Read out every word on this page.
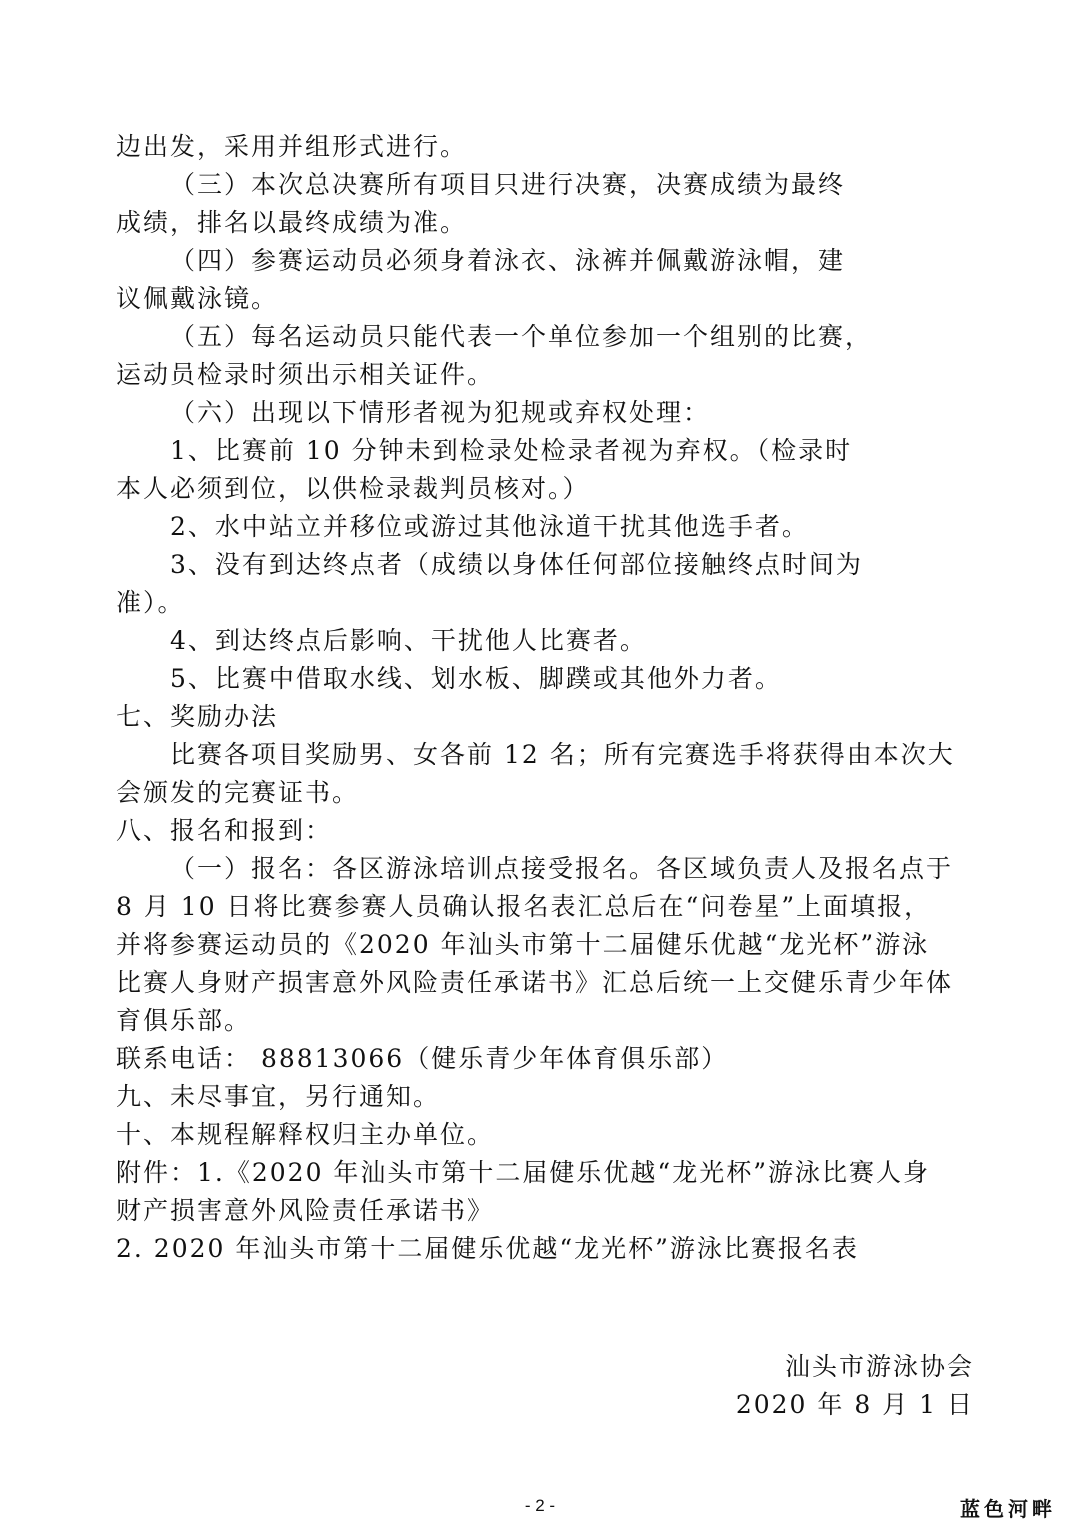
边出发，采用并组形式进行。
（三）本次总决赛所有项目只进行决赛，决赛成绩为最终
成绩，排名以最终成绩为准。
（四）参赛运动员必须身着泳衣、泳裤并佩戴游泳帽，建
议佩戴泳镜。
（五）每名运动员只能代表一个单位参加一个组别的比赛，
运动员检录时须出示相关证件。
（六）出现以下情形者视为犯规或弃权处理：
1、比赛前 10 分钟未到检录处检录者视为弃权。（检录时
本人必须到位，以供检录裁判员核对。）
2、水中站立并移位或游过其他泳道干扰其他选手者。
3、没有到达终点者（成绩以身体任何部位接触终点时间为
准）。
4、到达终点后影响、干扰他人比赛者。
5、比赛中借取水线、划水板、脚蹼或其他外力者。
七、奖励办法
比赛各项目奖励男、女各前 12 名；所有完赛选手将获得由本次大
会颁发的完赛证书。
八、报名和报到：
（一）报名：各区游泳培训点接受报名。各区域负责人及报名点于
8 月 10 日将比赛参赛人员确认报名表汇总后在“问卷星”上面填报，
并将参赛运动员的《2020 年汕头市第十二届健乐优越“龙光杯”游泳
比赛人身财产损害意外风险责任承诺书》汇总后统一上交健乐青少年体
育俱乐部。
联系电话： 88813066（健乐青少年体育俱乐部）
九、未尽事宜，另行通知。
十、本规程解释权归主办单位。
附件：1.《2020 年汕头市第十二届健乐优越“龙光杯”游泳比赛人身
财产损害意外风险责任承诺书》
2. 2020 年汕头市第十二届健乐优越“龙光杯”游泳比赛报名表
汕头市游泳协会
2020 年 8 月 1 日
- 2 -	蓝色河畔
